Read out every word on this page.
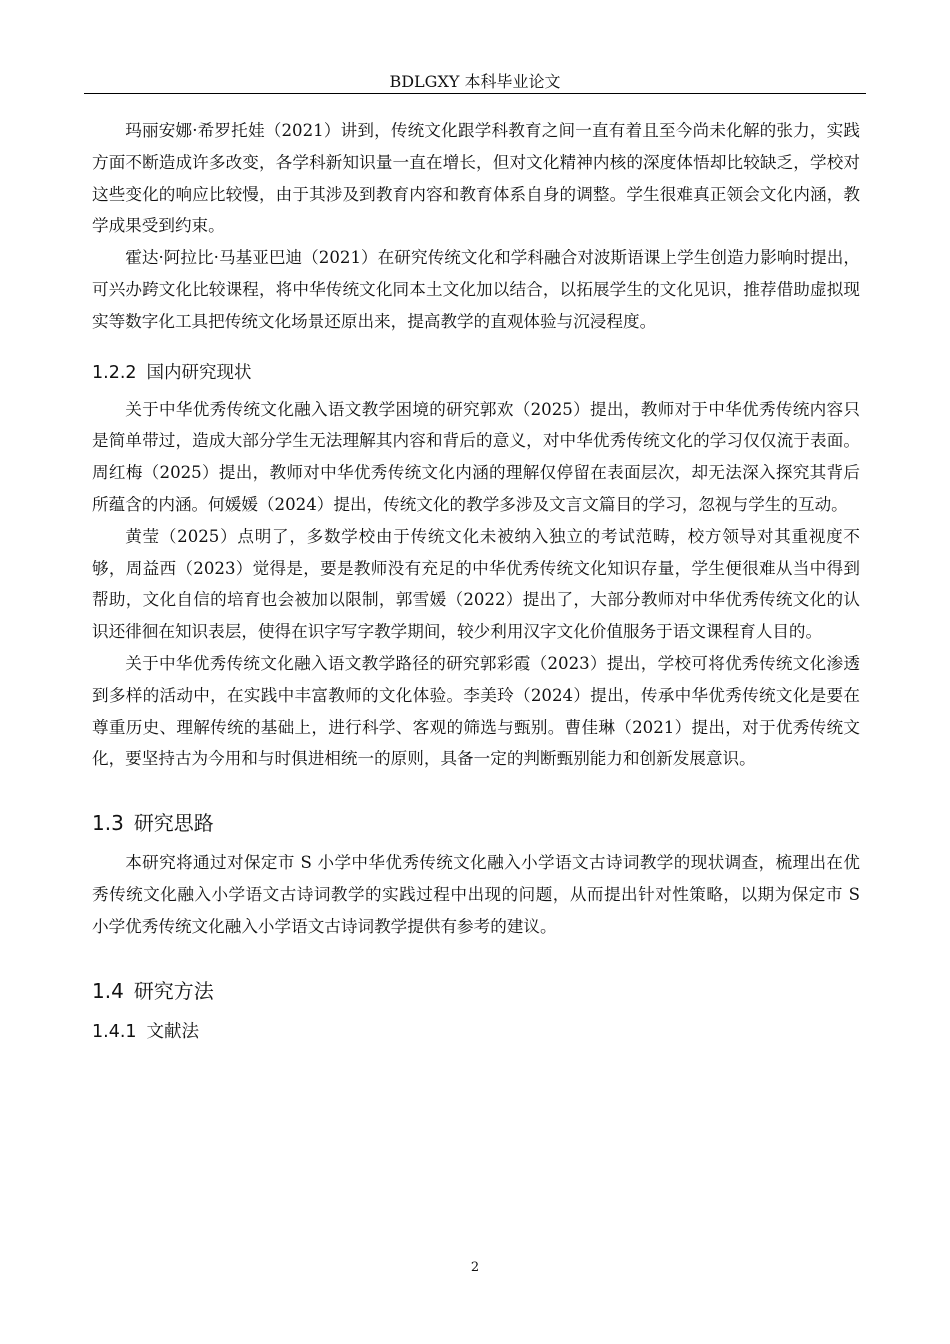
BDLGXY 本科毕业论文

玛丽安娜·希罗托娃（2021）讲到，传统文化跟学科教育之间一直有着且至今尚未化解的张力，实践方面不断造成许多改变，各学科新知识量一直在增长，但对文化精神内核的深度体悟却比较缺乏，学校对这些变化的响应比较慢，由于其涉及到教育内容和教育体系自身的调整。学生很难真正领会文化内涵，教学成果受到约束。

霍达·阿拉比·马基亚巴迪（2021）在研究传统文化和学科融合对波斯语课上学生创造力影响时提出，可兴办跨文化比较课程，将中华传统文化同本土文化加以结合，以拓展学生的文化见识，推荐借助虚拟现实等数字化工具把传统文化场景还原出来，提高教学的直观体验与沉浸程度。

1.2.2 国内研究现状

关于中华优秀传统文化融入语文教学困境的研究郭欢（2025）提出，教师对于中华优秀传统内容只是简单带过，造成大部分学生无法理解其内容和背后的意义，对中华优秀传统文化的学习仅仅流于表面。周红梅（2025）提出，教师对中华优秀传统文化内涵的理解仅停留在表面层次，却无法深入探究其背后所蕴含的内涵。何媛媛（2024）提出，传统文化的教学多涉及文言文篇目的学习，忽视与学生的互动。

黄莹（2025）点明了，多数学校由于传统文化未被纳入独立的考试范畴，校方领导对其重视度不够，周益西（2023）觉得是，要是教师没有充足的中华优秀传统文化知识存量，学生便很难从当中得到帮助，文化自信的培育也会被加以限制，郭雪媛（2022）提出了，大部分教师对中华优秀传统文化的认识还徘徊在知识表层，使得在识字写字教学期间，较少利用汉字文化价值服务于语文课程育人目的。

关于中华优秀传统文化融入语文教学路径的研究郭彩霞（2023）提出，学校可将优秀传统文化渗透到多样的活动中，在实践中丰富教师的文化体验。李美玲（2024）提出，传承中华优秀传统文化是要在尊重历史、理解传统的基础上，进行科学、客观的筛选与甄别。曹佳琳（2021）提出，对于优秀传统文化，要坚持古为今用和与时俱进相统一的原则，具备一定的判断甄别能力和创新发展意识。

1.3 研究思路

本研究将通过对保定市 S 小学中华优秀传统文化融入小学语文古诗词教学的现状调查，梳理出在优秀传统文化融入小学语文古诗词教学的实践过程中出现的问题，从而提出针对性策略，以期为保定市 S 小学优秀传统文化融入小学语文古诗词教学提供有参考的建议。

1.4 研究方法
1.4.1 文献法
2
